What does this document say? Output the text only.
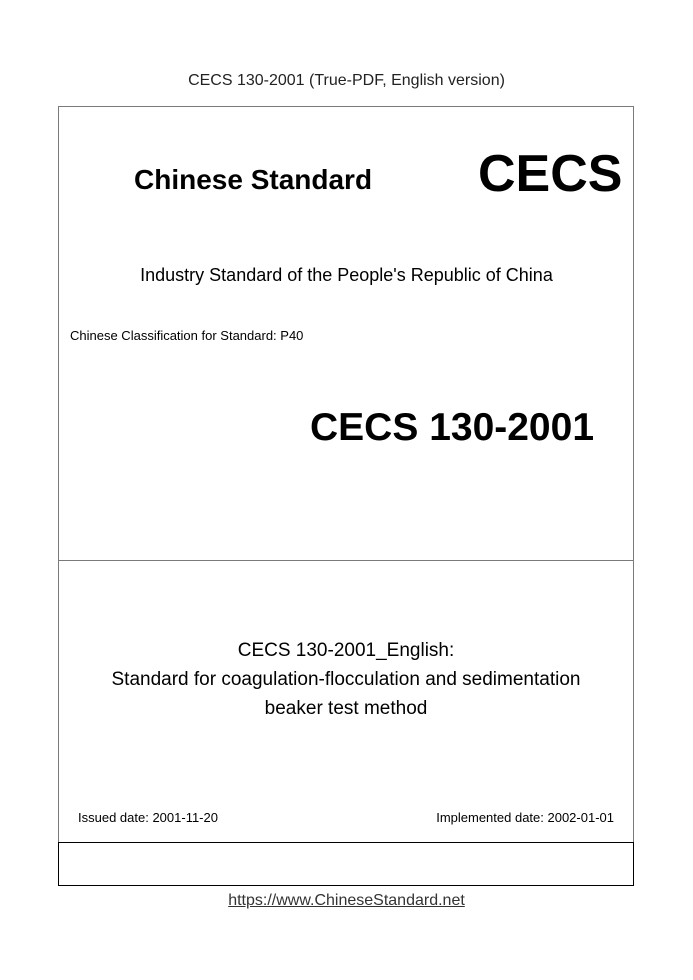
CECS 130-2001 (True-PDF, English version)
Chinese Standard CECS
Industry Standard of the People's Republic of China
Chinese Classification for Standard: P40
CECS 130-2001
CECS 130-2001_English:
Standard for coagulation-flocculation and sedimentation
beaker test method
Issued date: 2001-11-20	Implemented date: 2002-01-01
https://www.ChineseStandard.net
